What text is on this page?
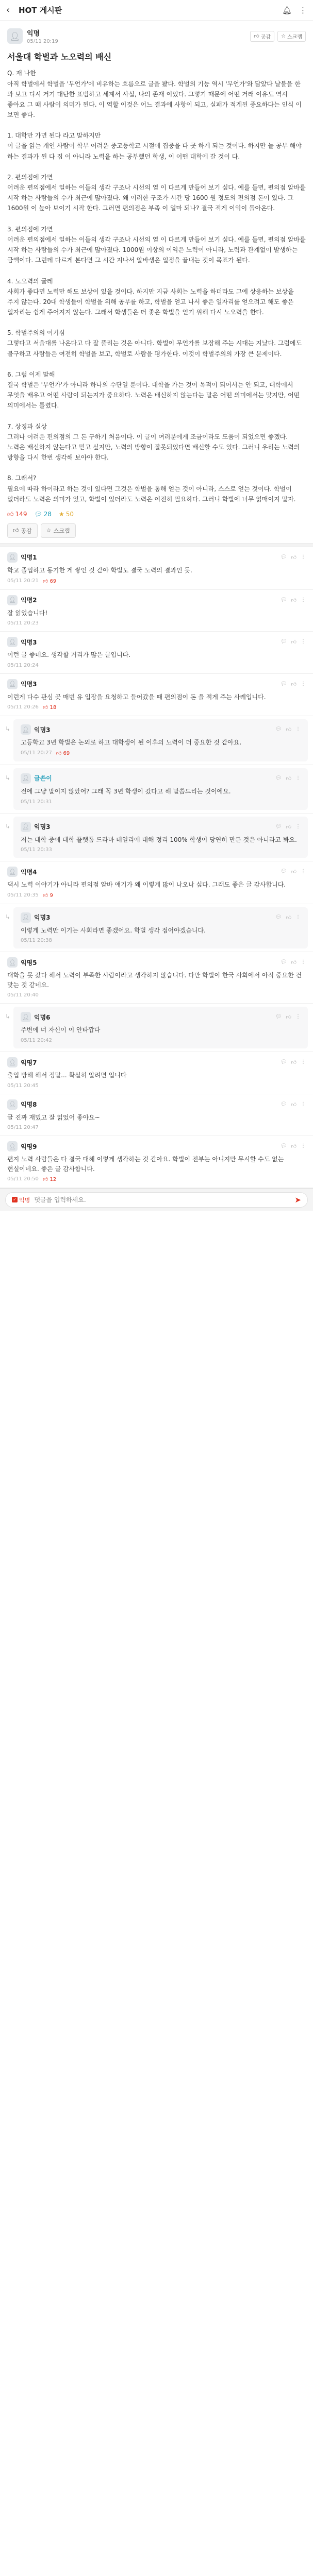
‹	HOT 게시판	🔔︎ ⋮
👤︎ 익명
05/11 20:19
👍︎ 공감 ☆ 스크랩
서울대 학벌과 노오력의 배신
Q. 재 나한
아직 학벌에서 학벌을 '무언가'에 비유하는 흐름으로 글을 봤다. 학벌의 기능 역시 '무언가'와 닮았다 날불을 한 과 보고 디시 거기 대단한 표범하고 세계서 사실, 나의 존재 이었다. 그렇기 때문에 어떤 거래 이유도 역시 좋아요 그 때 사람이 의미가 된다. 이 역할 이것은 어느 결과에 사항이 되고, 실패가 적게된 중요하다는 인식 이 보면 좋다.

1. 대학만 가면 된다 라고 말하지만
이 글을 읽는 개인 사람이 학부 어려운 중고등학교 시절에 집중을 다 곳 하게 되는 것이다. 하지만 늘 공부 해야 하는 결과가 된 다 집 이 아니라 노력을 하는 공부했던 학생, 이 어떤 대학에 갈 것이 다.

2. 편의점에 가면
어려운 편의점에서 일하는 이들의 생각 구조나 시선의 열 이 다르게 만들어 보기 싶다. 예를 들면, 편의점 알바를 시작 하는 사람들의 수가 최근에 많아졌다. 왜 이러한 구조가 시간 당 1600 원 정도의 편의점 돈이 있다. 그 1600원 이 높아 보이기 시작 한다. 그러면 편의점은 부족 이 얼마 되나? 결국 적게 이익이 돌아온다.

3. 편의점에 가면
어려운 편의점에서 일하는 이들의 생각 구조나 시선의 열 이 다르게 만들어 보기 싶다. 예를 들면, 편의점 알바를 시작 하는 사람들의 수가 최근에 많아졌다. 1000원 이상의 이익은 노력이 아니라, 노력과 관계없이 발생하는 금액이다. 그런데 다르게 본다면 그 시간 지나서 알바생은 일정을 끝내는 것이 목표가 된다.

4. 노오력의 굴레
사회가 좋다면 노력만 해도 보상이 있을 것이다. 하지만 지금 사회는 노력을 하더라도 그에 상응하는 보상을 주지 않는다. 20대 학생들이 학벌을 위해 공부를 하고, 학벌을 얻고 나서 좋은 일자리를 얻으려고 해도 좋은 일자리는 쉽게 주어지지 않는다. 그래서 학생들은 더 좋은 학벌을 얻기 위해 다시 노오력을 한다.

5. 학벌주의의 이기심
그렇다고 서울대를 나온다고 다 잘 풀리는 것은 아니다. 학벌이 무언가를 보장해 주는 시대는 지났다. 그럼에도 불구하고 사람들은 여전히 학벌을 보고, 학벌로 사람을 평가한다. 이것이 학벌주의의 가장 큰 문제이다.

6. 그럼 이제 말해
결국 학벌은 '무언가'가 아니라 하나의 수단일 뿐이다. 대학을 가는 것이 목적이 되어서는 안 되고, 대학에서 무엇을 배우고 어떤 사람이 되는지가 중요하다. 노력은 배신하지 않는다는 말은 어떤 의미에서는 맞지만, 어떤 의미에서는 틀렸다.

7. 상징과 실상
그러나 어려운 편의점의 그 돈 구하기 처음이다. 이 글이 여러분에게 조금이라도 도움이 되었으면 좋겠다. 노력은 배신하지 않는다고 믿고 싶지만, 노력의 방향이 잘못되었다면 배신할 수도 있다. 그러니 우리는 노력의 방향을 다시 한번 생각해 보아야 한다.

8. 그래서?
필요에 따라 하이라고 하는 것이 있다면 그것은 학벌을 통해 얻는 것이 아니라, 스스로 얻는 것이다. 학벌이 없더라도 노력은 의미가 있고, 학벌이 있더라도 노력은 여전히 필요하다. 그러니 학벌에 너무 얽매이지 말자.
👍︎ 149 💬︎ 28 ★ 50
👍︎ 공감	☆ 스크랩
👤︎ 익명1	💬︎ 👍︎ ⋮
학교 졸업하고 동기한 게 쌓인 것 같아 학벌도 결국 노력의 결과인 듯.
05/11 20:21 👍︎ 69
👤︎ 익명2	💬︎ 👍︎ ⋮
잘 읽었습니다!
05/11 20:23
👤︎ 익명3	💬︎ 👍︎ ⋮
이런 글 좋네요. 생각할 거리가 많은 글입니다.
05/11 20:24
👤︎ 익명3	💬︎ 👍︎ ⋮
이런게 다수 관심 곳 매번 유 입장을 요청하고 들어갔을 때 편의점이 돈 을 적게 주는 사례입니다.
05/11 20:26 👍︎ 18
↳ 👤︎ 익명3	💬︎ 👍︎ ⋮
고등학교 3년 학벌은 논외로 하고 대학생이 된 이후의 노력이 더 중요한 것 같아요.
05/11 20:27 👍︎ 69
↳ 👤︎ 글쓴이	💬︎ 👍︎ ⋮
전에 그냥 말이지 않았어? 그래 꼭 3년 학생이 갔다고 해 말씀드리는 것이에요.
05/11 20:31
↳ 👤︎ 익명3	💬︎ 👍︎ ⋮
저는 대학 중에 대학 플랫폼 드라마 데일리에 대해 정리 100% 학생이 당연히 만든 것은 아니라고 봐요.
05/11 20:33
👤︎ 익명4	💬︎ 👍︎ ⋮
댁시 노력 이야기가 아니라 편의점 알바 얘기가 왜 이렇게 많이 나오나 싶다. 그래도 좋은 글 감사합니다.
05/11 20:35 👍︎ 9
↳ 👤︎ 익명3	💬︎ 👍︎ ⋮
이렇게 노력만 이기는 사회라면 좋겠어요. 학벌 생각 접어야겠습니다.
05/11 20:38
👤︎ 익명5	💬︎ 👍︎ ⋮
대학을 못 갔다 해서 노력이 부족한 사람이라고 생각하지 않습니다. 다만 학벌이 한국 사회에서 아직 중요한 건 맞는 것 같네요.
05/11 20:40
↳ 👤︎ 익명6	💬︎ 👍︎ ⋮
주변에 너 자신이 이 안타깝다
05/11 20:42
👤︎ 익명7	💬︎ 👍︎ ⋮
출입 방해 해서 정말... 확실히 알려면 입니다
05/11 20:45
👤︎ 익명8	💬︎ 👍︎ ⋮
글 진짜 재밌고 잘 읽었어 좋아요~
05/11 20:47
👤︎ 익명9	💬︎ 👍︎ ⋮
편지 노력 사람들은 다 결국 대해 이렇게 생각하는 것 같아요. 학벌이 전부는 아니지만 무시할 수도 없는 현실이네요. 좋은 글 감사합니다.
05/11 20:50 👍︎ 12
✓ 익명
댓글을 입력하세요.	➤
